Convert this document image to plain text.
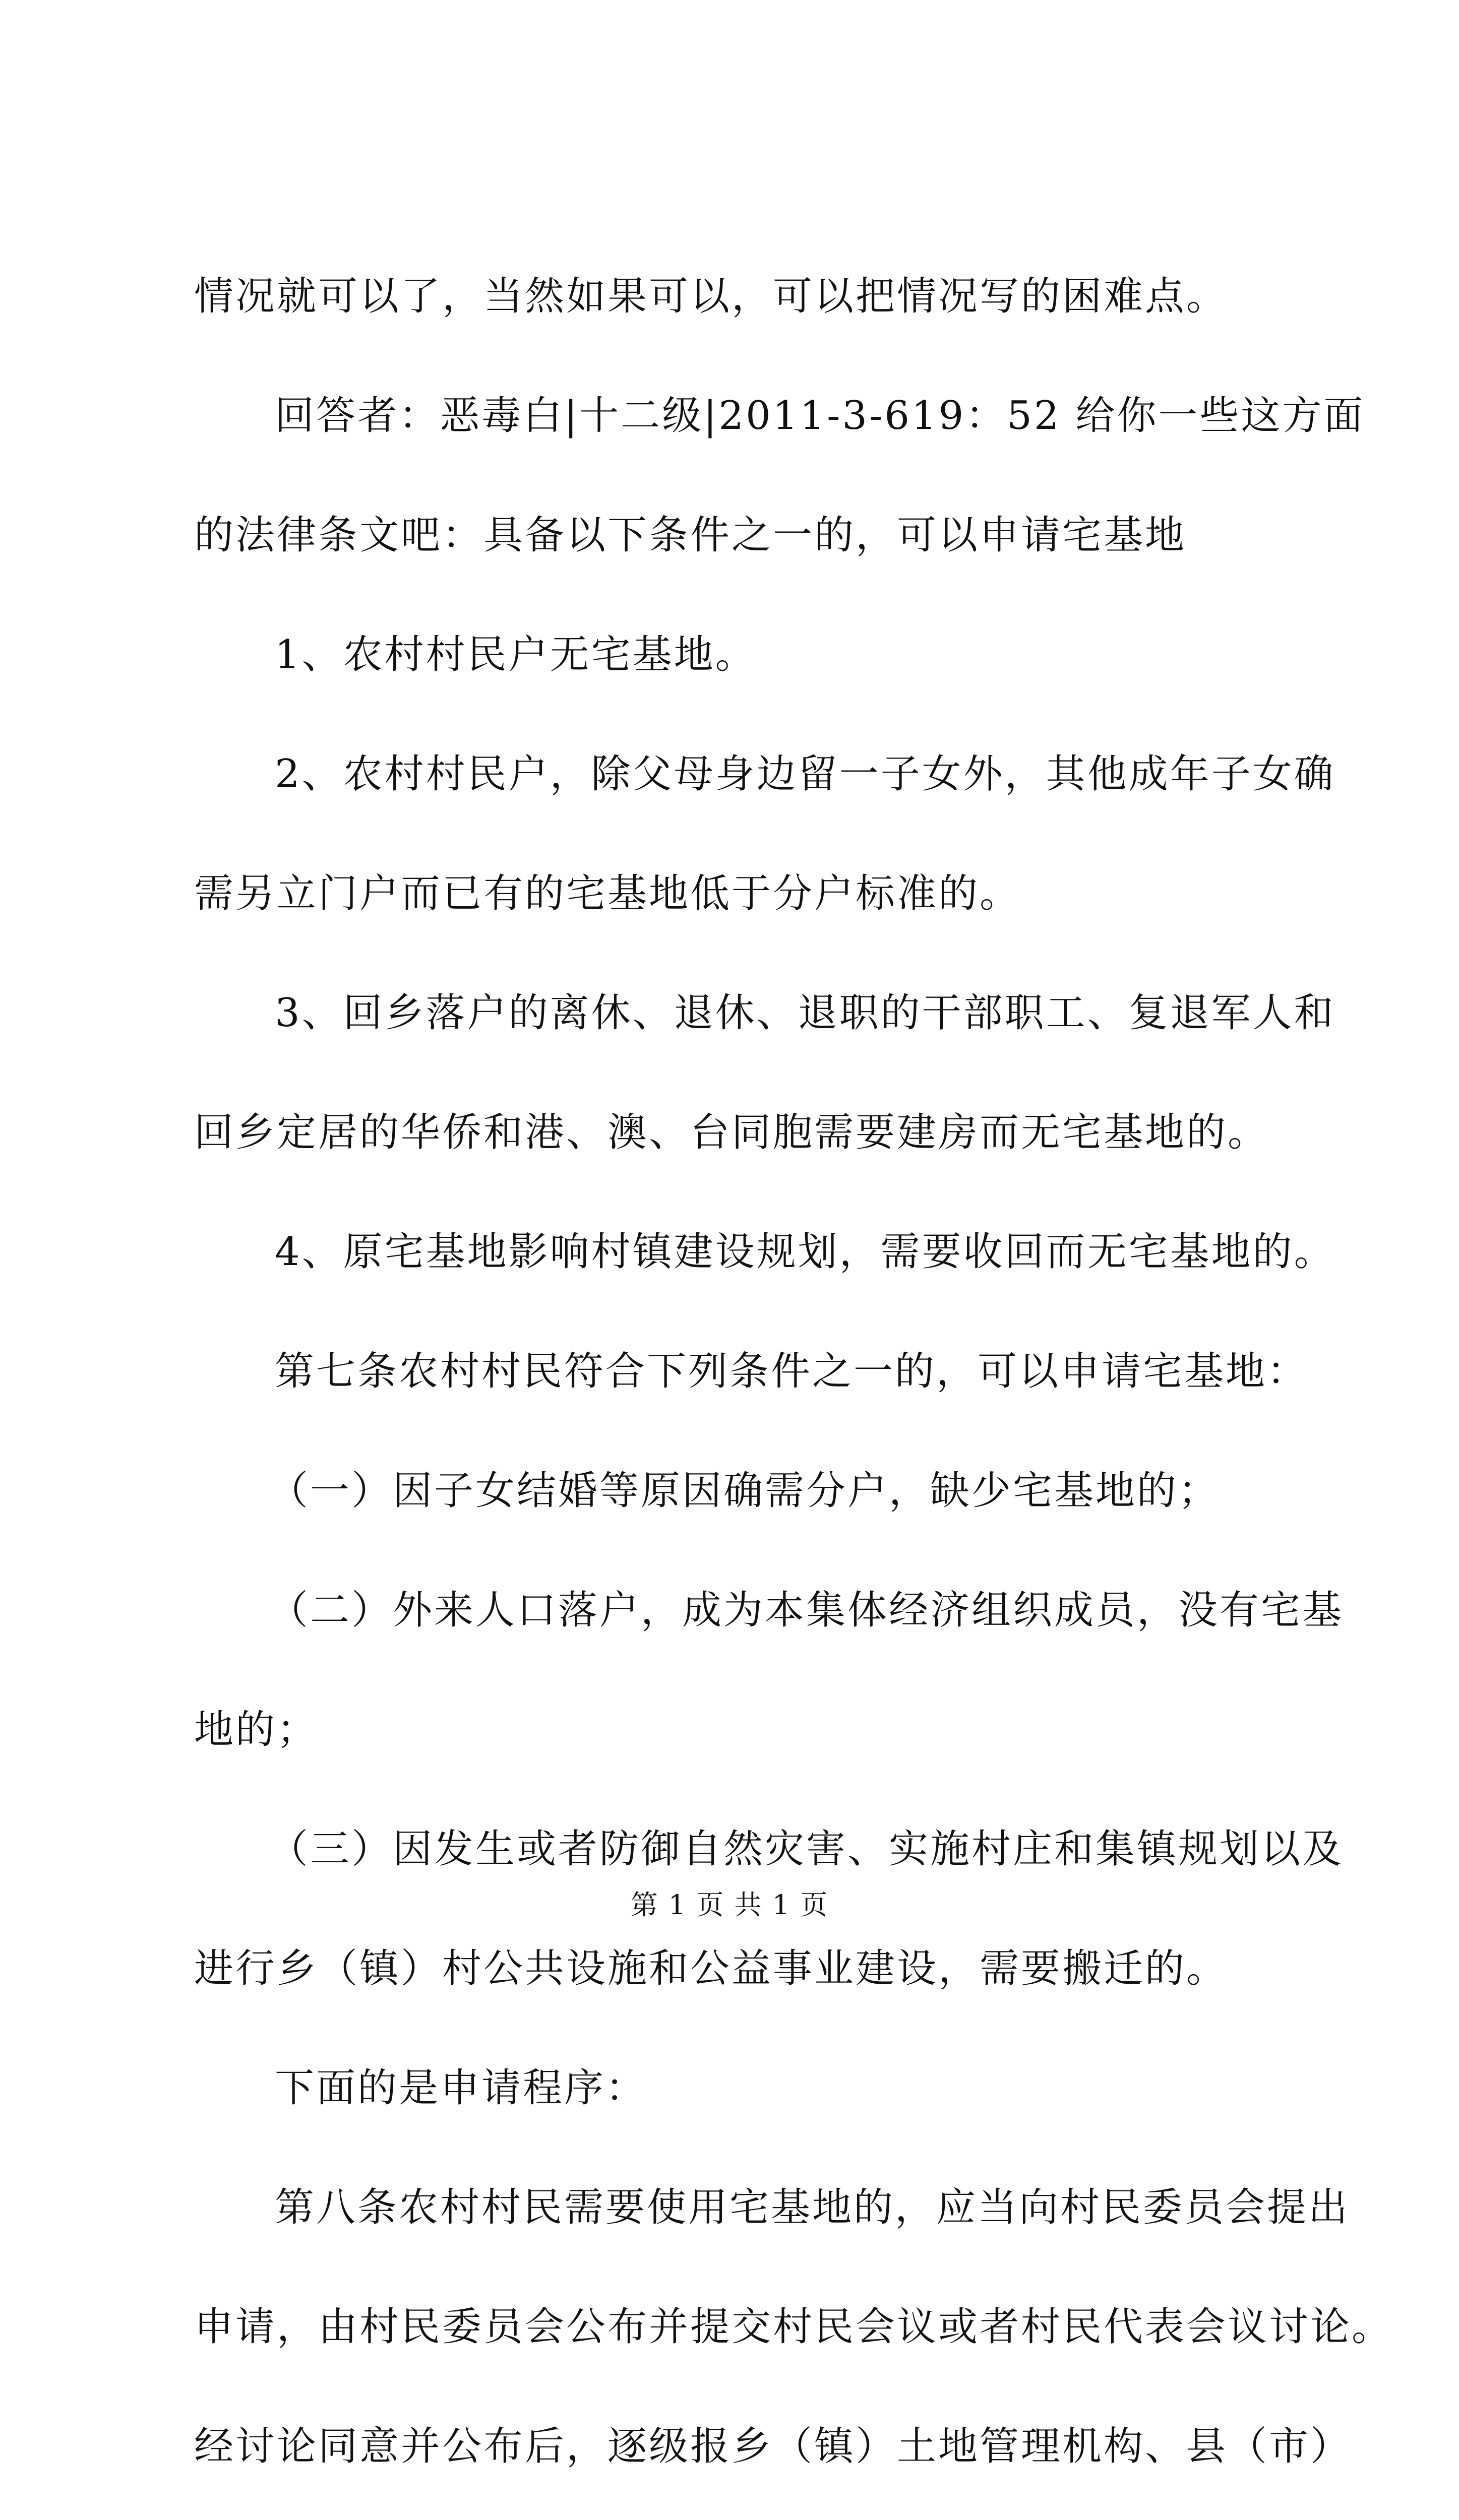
情况就可以了，当然如果可以，可以把情况写的困难点。
回答者：恶毒白|十二级|2011-3-619：52 给你一些这方面
的法律条文吧：具备以下条件之一的，可以申请宅基地
1、农村村民户无宅基地。
2、农村村民户，除父母身边留一子女外，其他成年子女确
需另立门户而已有的宅基地低于分户标准的。
3、回乡落户的离休、退休、退职的干部职工、复退军人和
回乡定居的华侨和港、澳、台同胞需要建房而无宅基地的。
4、原宅基地影响村镇建设规划，需要收回而无宅基地的。
第七条农村村民符合下列条件之一的，可以申请宅基地：
（一）因子女结婚等原因确需分户，缺少宅基地的；
（二）外来人口落户，成为本集体经济组织成员，没有宅基
地的；
（三）因发生或者防御自然灾害、实施村庄和集镇规划以及
进行乡（镇）村公共设施和公益事业建设，需要搬迁的。
下面的是申请程序：
第八条农村村民需要使用宅基地的，应当向村民委员会提出
申请，由村民委员会公布并提交村民会议或者村民代表会议讨论。
经讨论同意并公布后，逐级报乡（镇）土地管理机构、县（市）
第 1 页 共 1 页
